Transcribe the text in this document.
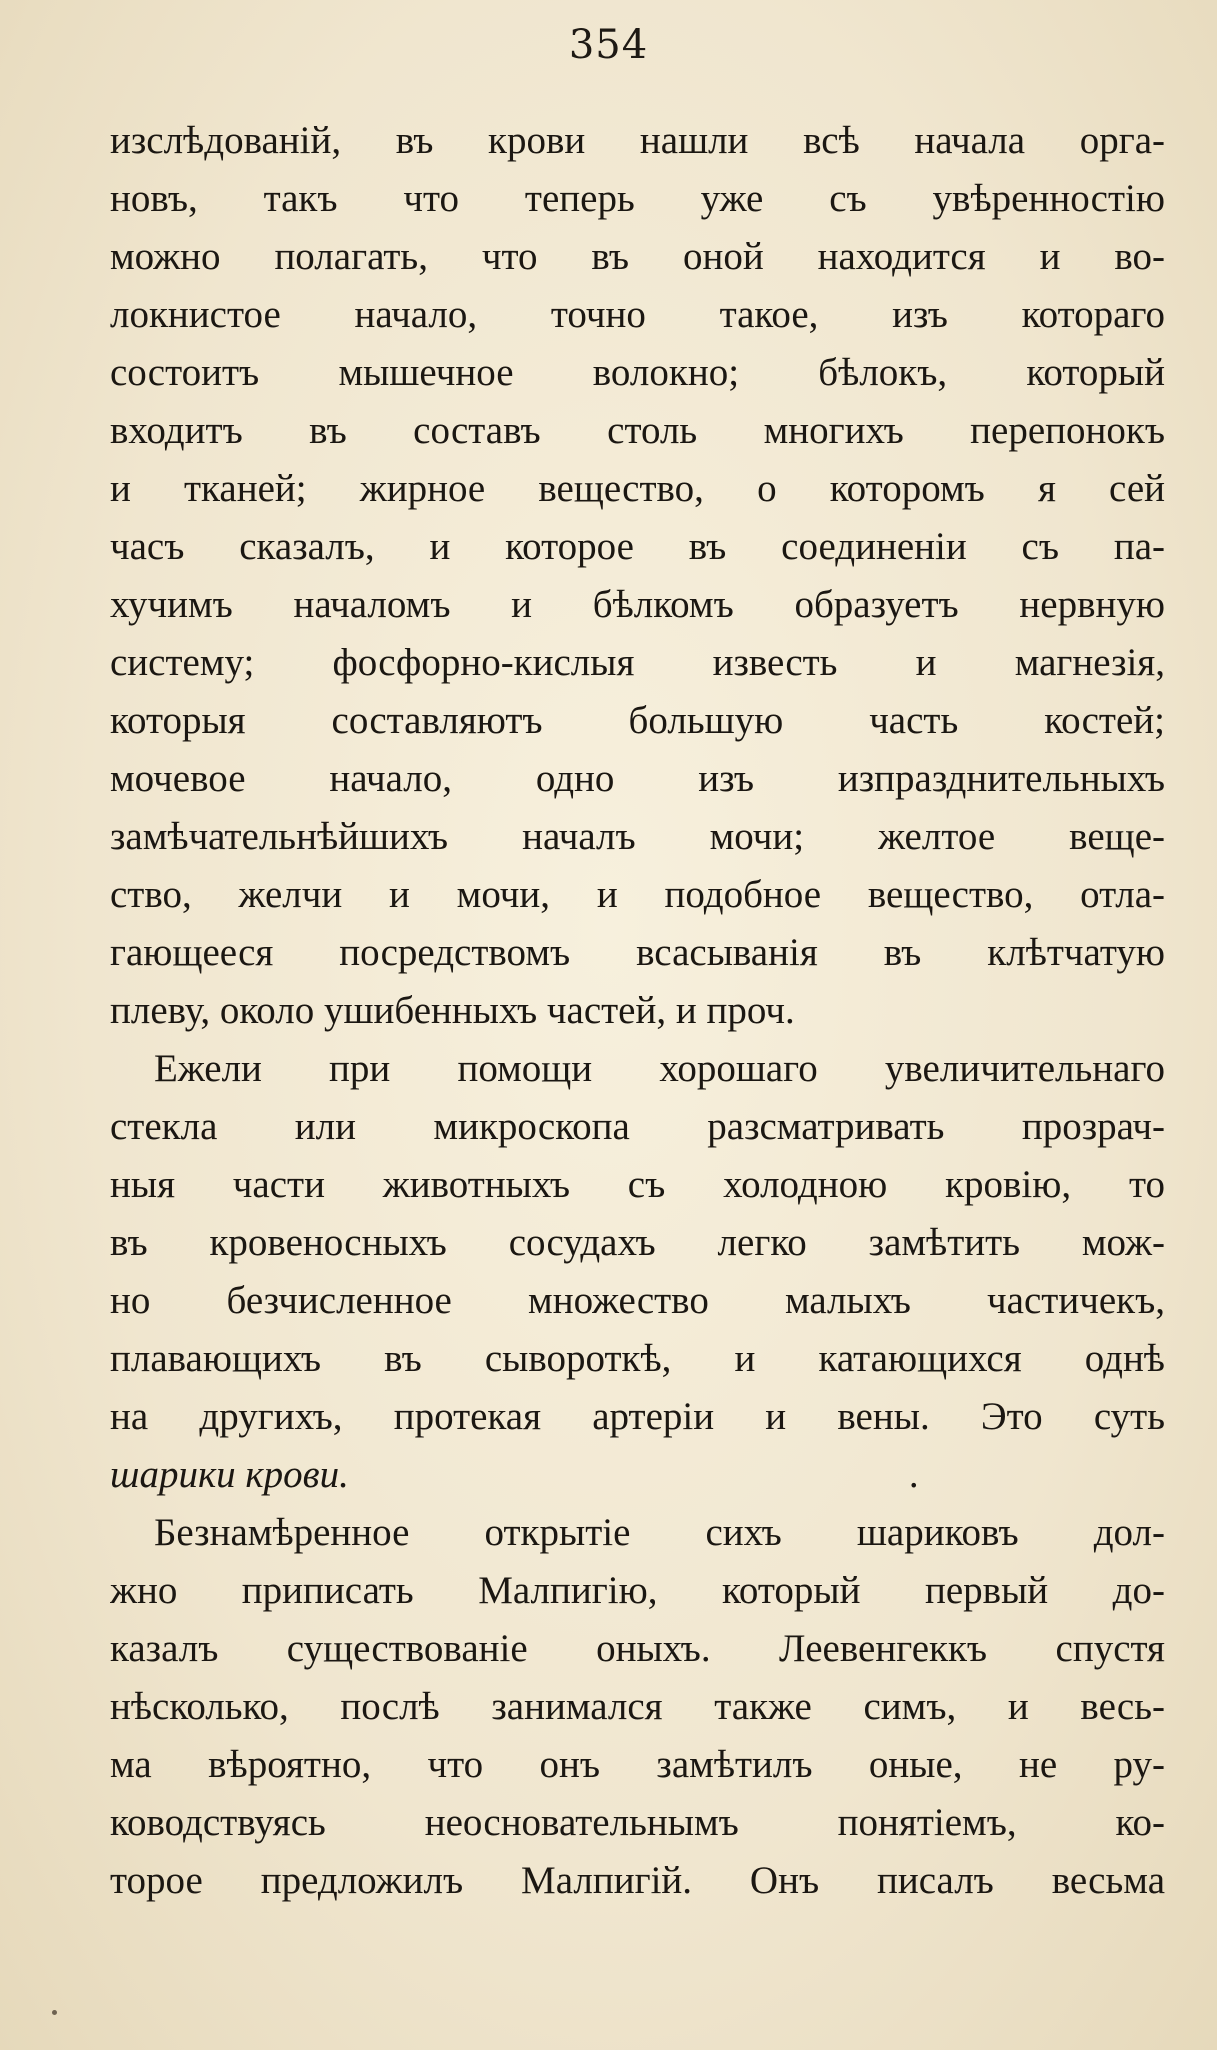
354
изслѣдованій, въ крови нашли всѣ начала орга-
новъ, такъ что теперь уже съ увѣренностію
можно полагать, что въ оной находится и во-
локнистое начало, точно такое, изъ котораго
состоитъ мышечное волокно; бѣлокъ, который
входитъ въ составъ столь многихъ перепонокъ
и тканей; жирное вещество, о которомъ я сей
часъ сказалъ, и которое въ соединеніи съ па-
хучимъ началомъ и бѣлкомъ образуетъ нервную
систему; фосфорно-кислыя известь и магнезія,
которыя составляютъ большую часть костей;
мочевое начало, одно изъ изпразднительныхъ
замѣчательнѣйшихъ началъ мочи; желтое веще-
ство, желчи и мочи, и подобное вещество, отла-
гающееся посредствомъ всасыванія въ клѣтчатую
плеву, около ушибенныхъ частей, и проч.
Ежели при помощи хорошаго увеличительнаго
стекла или микроскопа разсматривать прозрач-
ныя части животныхъ съ холодною кровію, то
въ кровеносныхъ сосудахъ легко замѣтить мож-
но безчисленное множество малыхъ частичекъ,
плавающихъ въ сывороткѣ, и катающихся однѣ
на другихъ, протекая артеріи и вены. Это суть
шарики крови.	.
Безнамѣренное открытіе сихъ шариковъ дол-
жно приписать Малпигію, который первый до-
казалъ существованіе оныхъ. Леевенгеккъ спустя
нѣсколько, послѣ занимался также симъ, и весь-
ма вѣроятно, что онъ замѣтилъ оные, не ру-
ководствуясь неосновательнымъ понятіемъ, ко-
торое предложилъ Малпигій. Онъ писалъ весьма
